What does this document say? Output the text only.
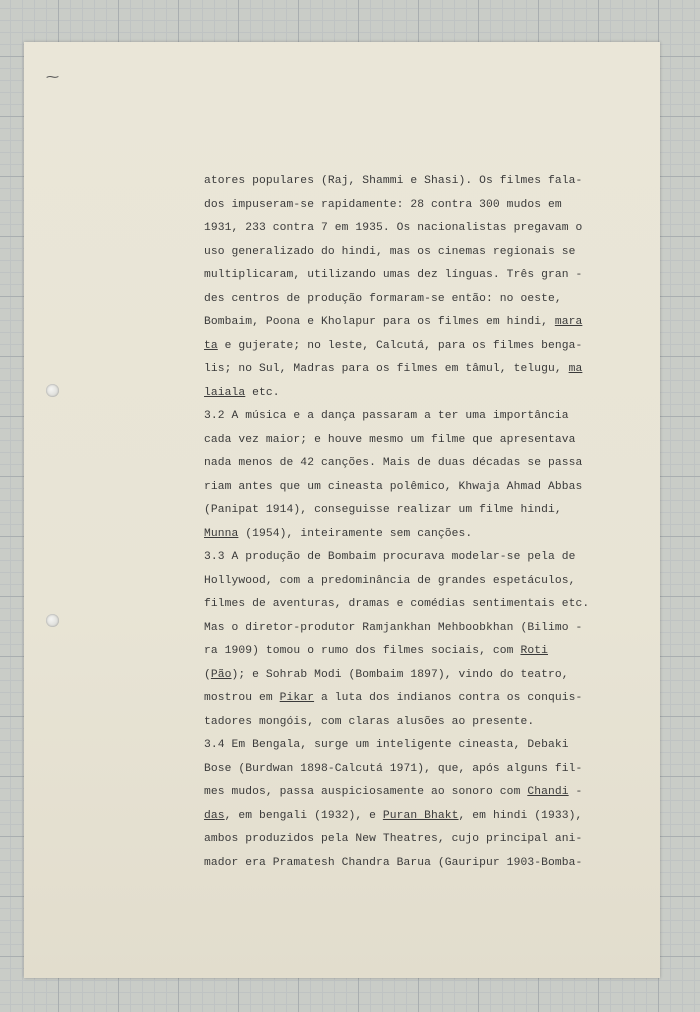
⁓
atores populares (Raj, Shammi e Shasi). Os filmes fala-
dos impuseram-se rapidamente: 28 contra 300 mudos em
1931, 233 contra 7 em 1935. Os nacionalistas pregavam o
uso generalizado do hindi, mas os cinemas regionais se
multiplicaram, utilizando umas dez línguas. Três gran -
des centros de produção formaram-se então: no oeste,
Bombaim, Poona e Kholapur para os filmes em hindi, mara
ta e gujerate; no leste, Calcutá, para os filmes benga-
lis; no Sul, Madras para os filmes em tâmul, telugu, ma
laiala etc.
3.2 A música e a dança passaram a ter uma importância
cada vez maior; e houve mesmo um filme que apresentava
nada menos de 42 canções. Mais de duas décadas se passa
riam antes que um cineasta polêmico, Khwaja Ahmad Abbas
(Panipat 1914), conseguisse realizar um filme hindi,
Munna (1954), inteiramente sem canções.
3.3 A produção de Bombaim procurava modelar-se pela de
Hollywood, com a predominância de grandes espetáculos,
filmes de aventuras, dramas e comédias sentimentais etc.
Mas o diretor-produtor Ramjankhan Mehboobkhan (Bilimo -
ra 1909) tomou o rumo dos filmes sociais, com Roti
(Pão); e Sohrab Modi (Bombaim 1897), vindo do teatro,
mostrou em Pikar a luta dos indianos contra os conquis-
tadores mongóis, com claras alusões ao presente.
3.4 Em Bengala, surge um inteligente cineasta, Debaki
Bose (Burdwan 1898-Calcutá 1971), que, após alguns fil-
mes mudos, passa auspiciosamente ao sonoro com Chandi -
das, em bengali (1932), e Puran Bhakt, em hindi (1933),
ambos produzidos pela New Theatres, cujo principal ani-
mador era Pramatesh Chandra Barua (Gauripur 1903-Bomba-
